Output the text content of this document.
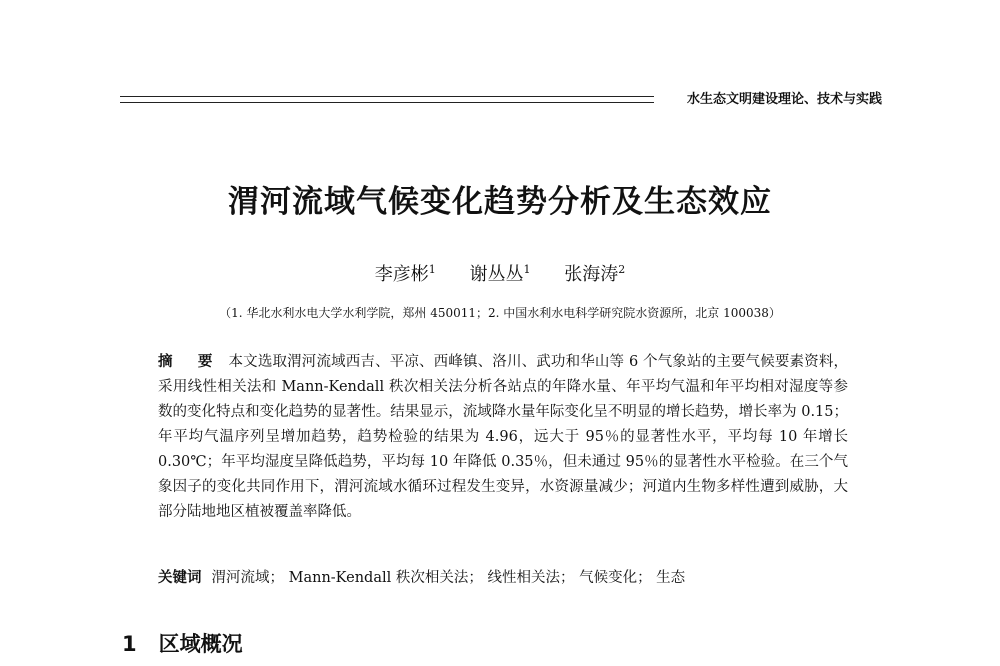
水生态文明建设理论、技术与实践
渭河流域气候变化趋势分析及生态效应
李彦彬$^1$ 谢丛丛$^1$ 张海涛$^2$
（1. 华北水利水电大学水利学院，郑州 450011；2. 中国水利水电科学研究院水资源所，北京 100038）
摘 要 本文选取渭河流域西吉、平凉、西峰镇、洛川、武功和华山等 6 个气象站的主要气候要素资料，采用线性相关法和 Mann-Kendall 秩次相关法分析各站点的年降水量、年平均气温和年平均相对湿度等参数的变化特点和变化趋势的显著性。结果显示，流域降水量年际变化呈不明显的增长趋势，增长率为 0.15；年平均气温序列呈增加趋势，趋势检验的结果为 4.96，远大于 95％的显著性水平，平均每 10 年增长 0.30℃；年平均湿度呈降低趋势，平均每 10 年降低 0.35％，但未通过 95％的显著性水平检验。在三个气象因子的变化共同作用下，渭河流域水循环过程发生变异，水资源量减少；河道内生物多样性遭到威胁，大部分陆地地区植被覆盖率降低。
关键词 渭河流域； Mann-Kendall 秩次相关法； 线性相关法； 气候变化； 生态
1 区域概况
